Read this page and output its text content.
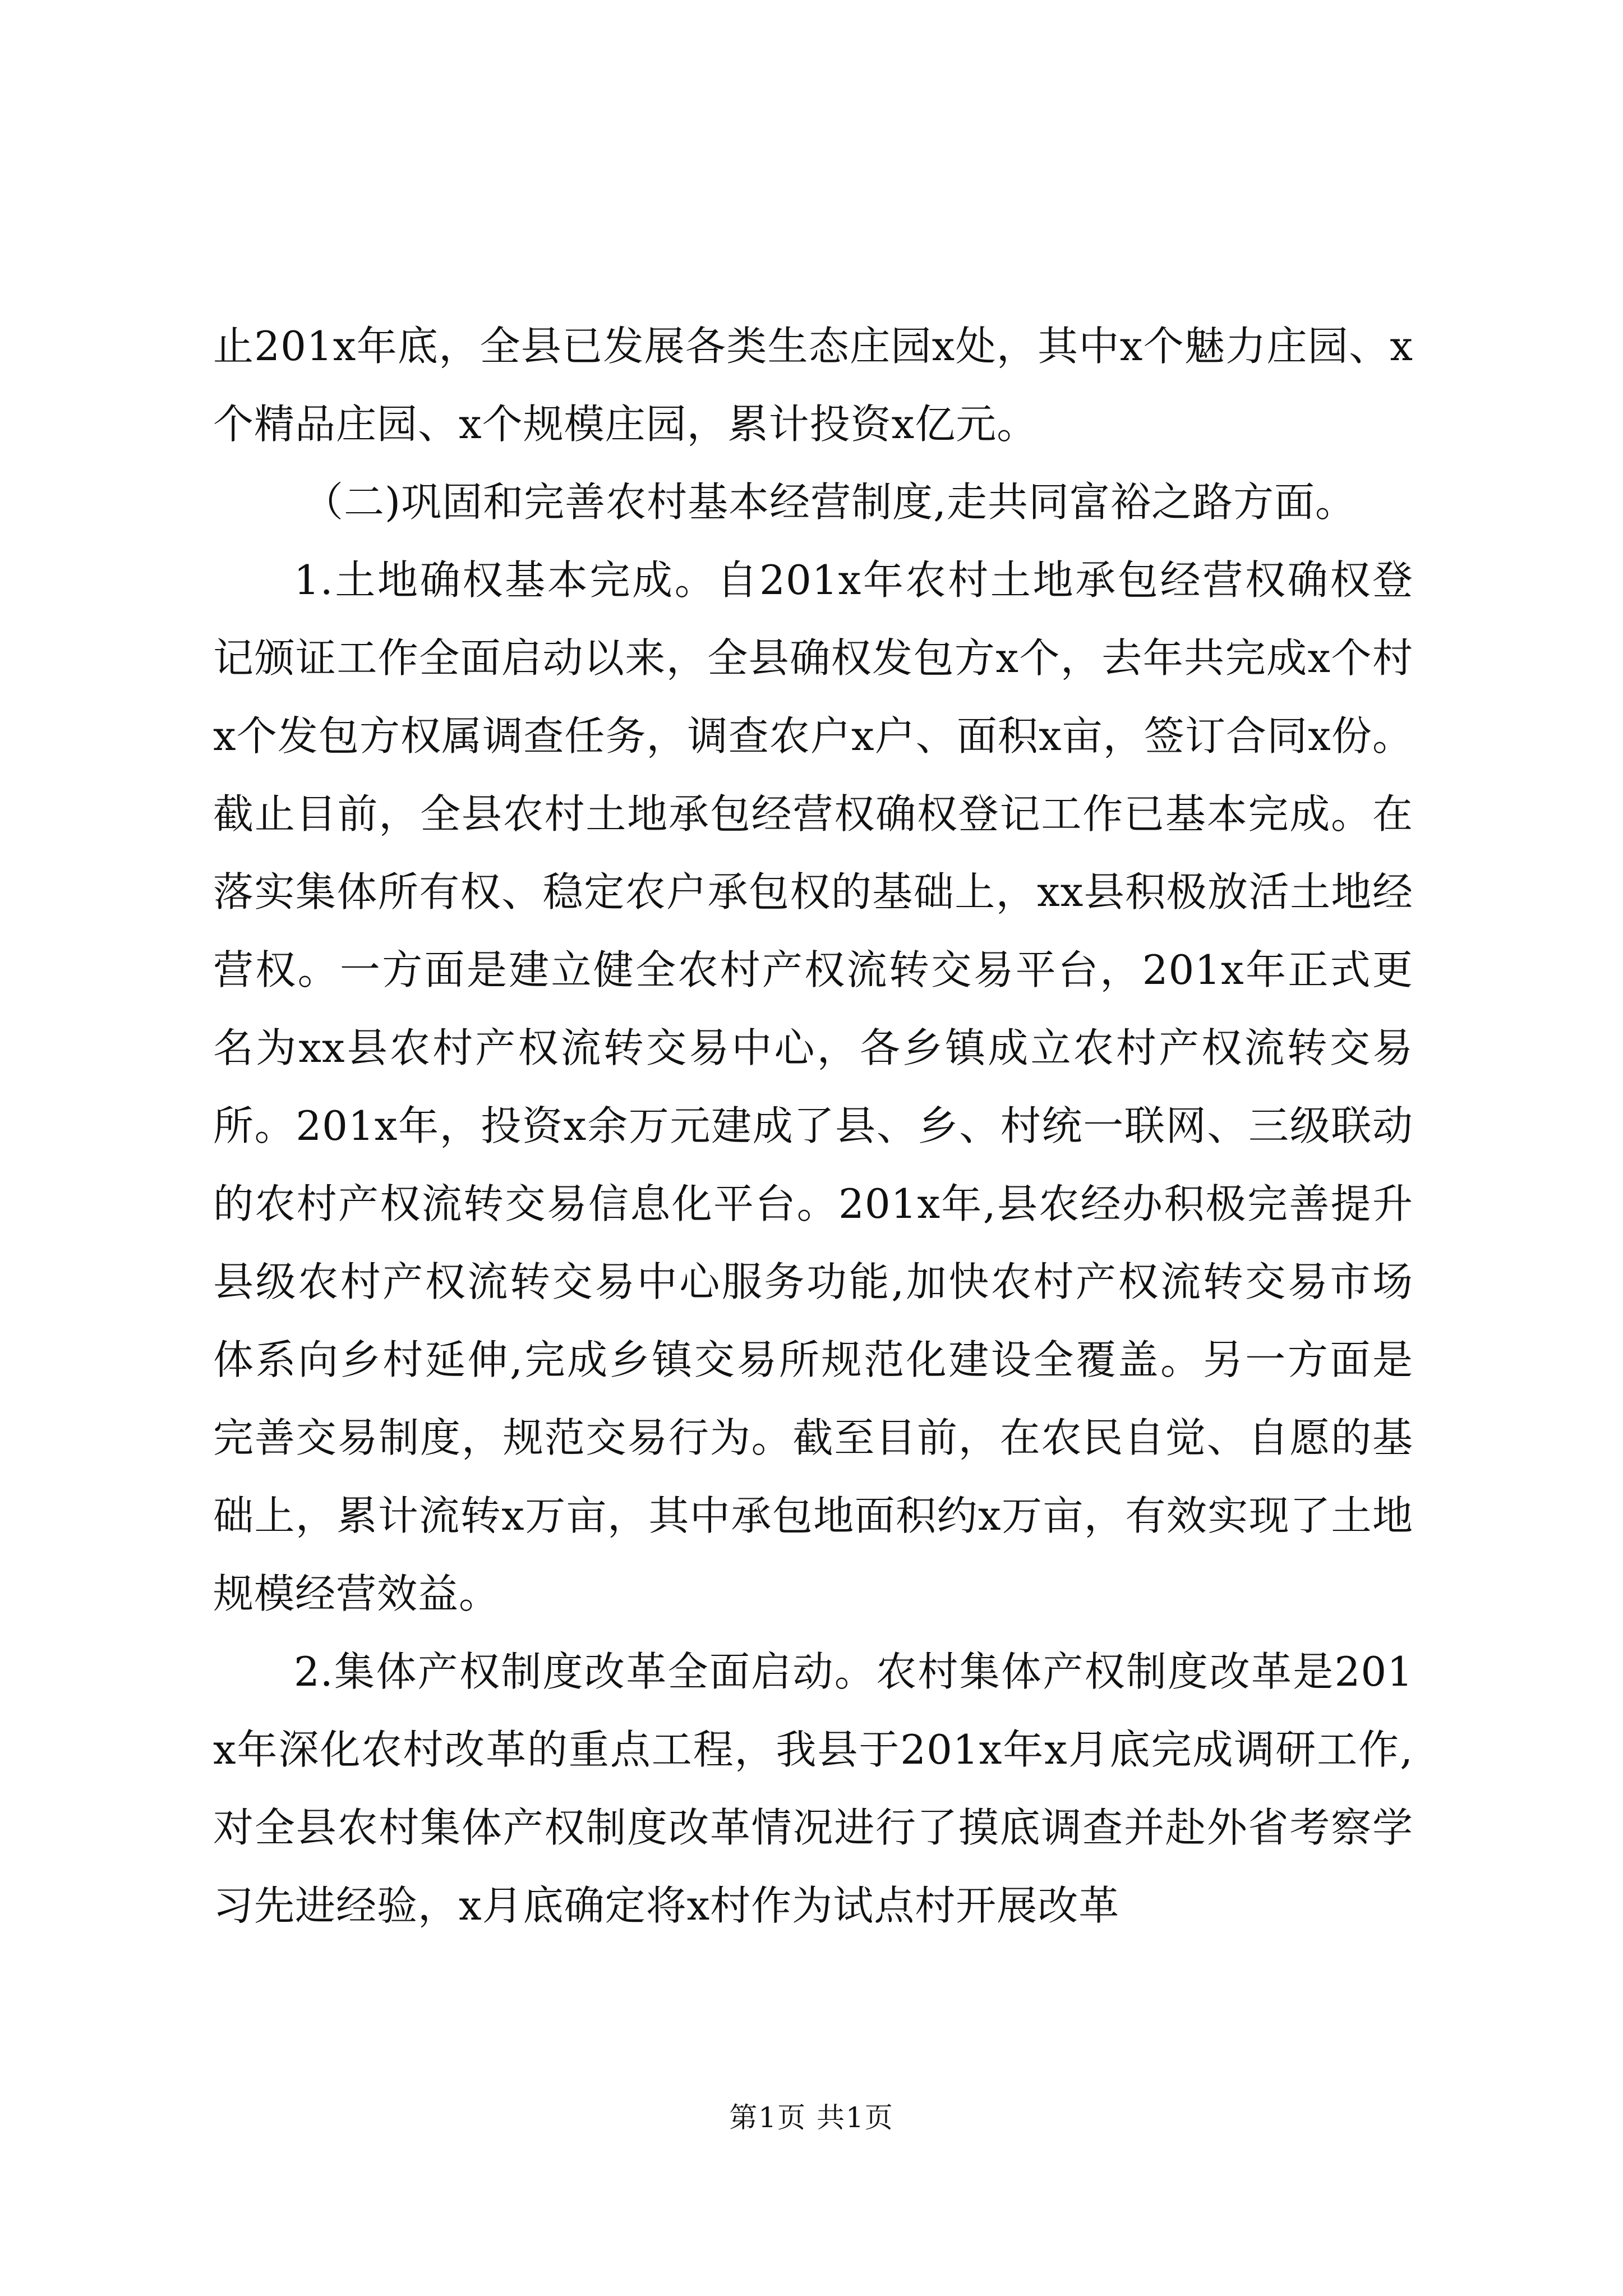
止201x年底，全县已发展各类生态庄园x处，其中x个魅力庄园、x个精品庄园、x个规模庄园，累计投资x亿元。

（二)巩固和完善农村基本经营制度,走共同富裕之路方面。

1.土地确权基本完成。自201x年农村土地承包经营权确权登记颁证工作全面启动以来，全县确权发包方x个，去年共完成x个村x个发包方权属调查任务，调查农户x户、面积x亩，签订合同x份。截止目前，全县农村土地承包经营权确权登记工作已基本完成。在落实集体所有权、稳定农户承包权的基础上，xx县积极放活土地经营权。一方面是建立健全农村产权流转交易平台，201x年正式更名为xx县农村产权流转交易中心，各乡镇成立农村产权流转交易所。201x年，投资x余万元建成了县、乡、村统一联网、三级联动的农村产权流转交易信息化平台。201x年,县农经办积极完善提升县级农村产权流转交易中心服务功能,加快农村产权流转交易市场体系向乡村延伸,完成乡镇交易所规范化建设全覆盖。另一方面是完善交易制度，规范交易行为。截至目前，在农民自觉、自愿的基础上，累计流转x万亩，其中承包地面积约x万亩，有效实现了土地规模经营效益。

2.集体产权制度改革全面启动。农村集体产权制度改革是201x年深化农村改革的重点工程，我县于201x年x月底完成调研工作,对全县农村集体产权制度改革情况进行了摸底调查并赴外省考察学习先进经验，x月底确定将x村作为试点村开展改革

第1页 共1页
